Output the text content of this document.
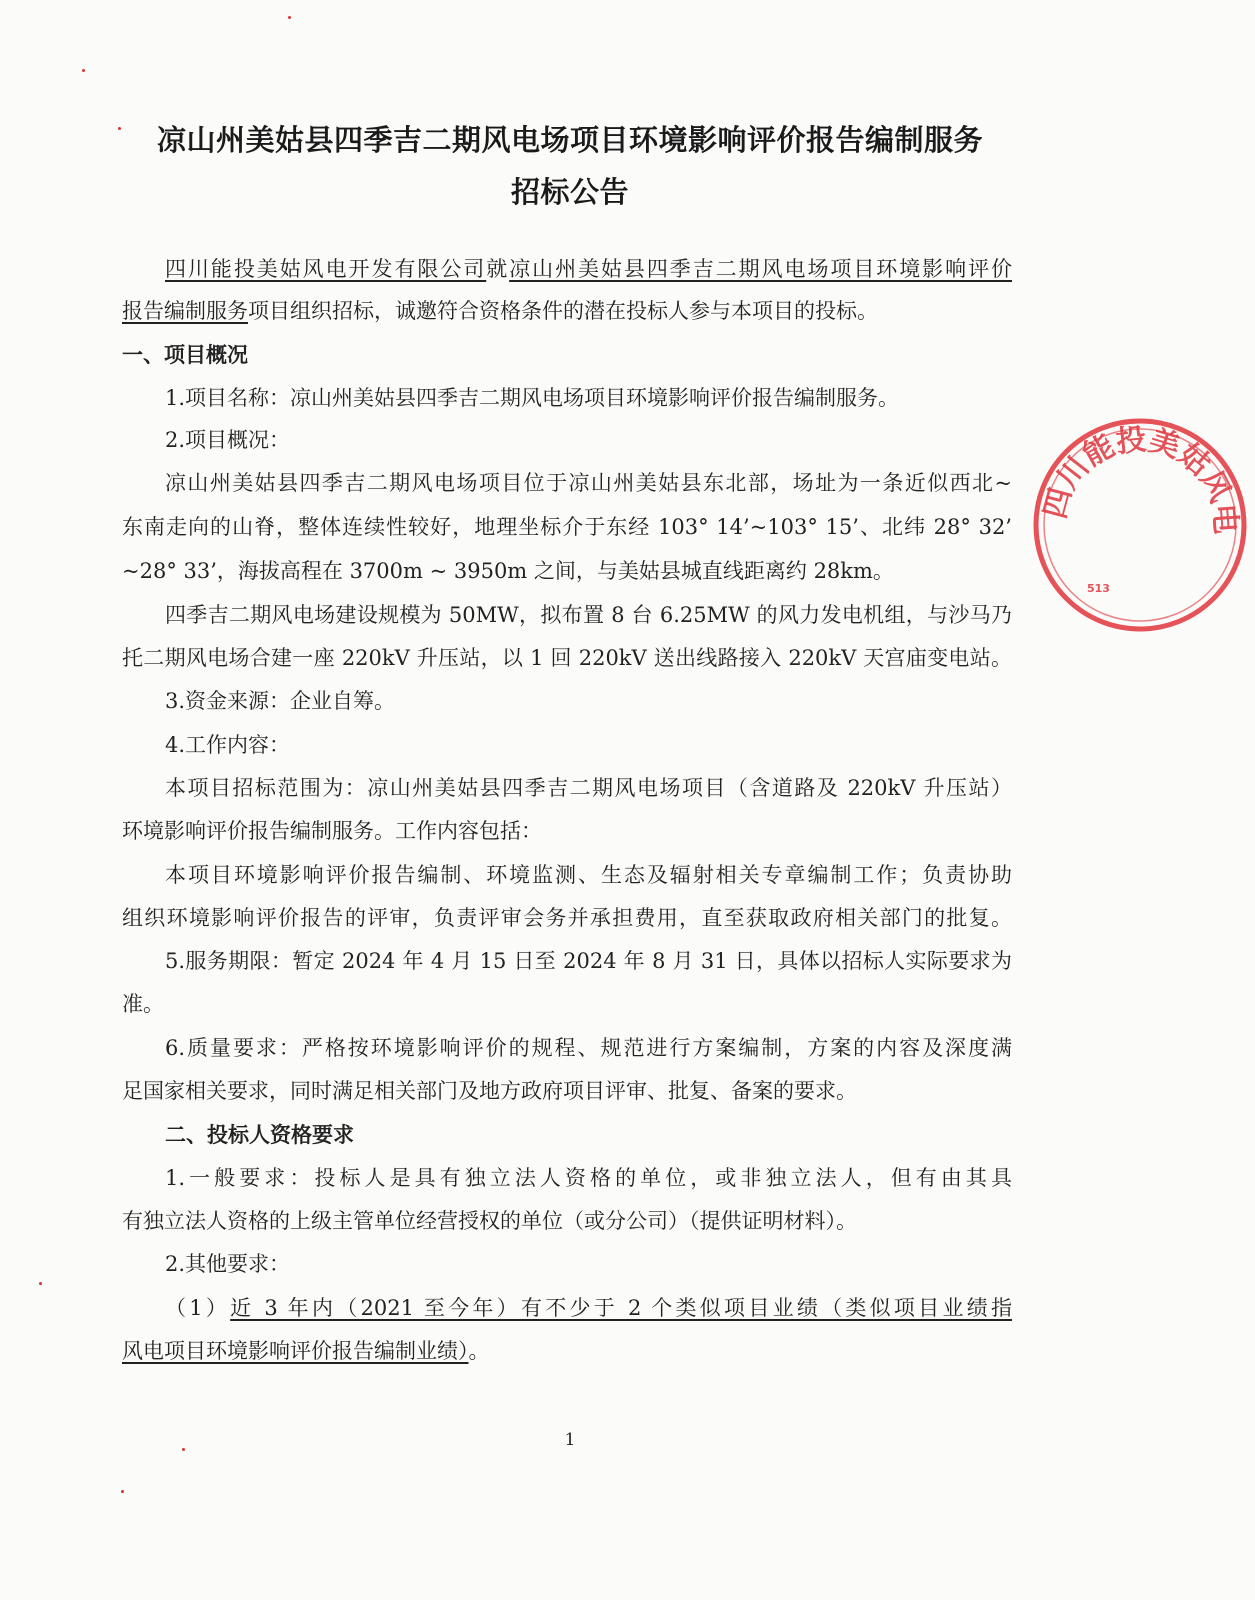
凉山州美姑县四季吉二期风电场项目环境影响评价报告编制服务
招标公告
四川能投美姑风电开发有限公司就凉山州美姑县四季吉二期风电场项目环境影响评价
报告编制服务项目组织招标，诚邀符合资格条件的潜在投标人参与本项目的投标。
一、项目概况
1.项目名称：凉山州美姑县四季吉二期风电场项目环境影响评价报告编制服务。
2.项目概况：
凉山州美姑县四季吉二期风电场项目位于凉山州美姑县东北部，场址为一条近似西北~
东南走向的山脊，整体连续性较好，地理坐标介于东经 103° 14’~103° 15’、北纬 28° 32’
~28° 33’，海拔高程在 3700m ~ 3950m 之间，与美姑县城直线距离约 28km。
四季吉二期风电场建设规模为 50MW，拟布置 8 台 6.25MW 的风力发电机组，与沙马乃
托二期风电场合建一座 220kV 升压站，以 1 回 220kV 送出线路接入 220kV 天宫庙变电站。
3.资金来源：企业自筹。
4.工作内容：
本项目招标范围为：凉山州美姑县四季吉二期风电场项目（含道路及 220kV 升压站）
环境影响评价报告编制服务。工作内容包括：
本项目环境影响评价报告编制、环境监测、生态及辐射相关专章编制工作；负责协助
组织环境影响评价报告的评审，负责评审会务并承担费用，直至获取政府相关部门的批复。
5.服务期限：暂定 2024 年 4 月 15 日至 2024 年 8 月 31 日，具体以招标人实际要求为
准。
6.质量要求：严格按环境影响评价的规程、规范进行方案编制，方案的内容及深度满
足国家相关要求，同时满足相关部门及地方政府项目评审、批复、备案的要求。
二、投标人资格要求
1.一般要求：投标人是具有独立法人资格的单位，或非独立法人，但有由其具
有独立法人资格的上级主管单位经营授权的单位（或分公司）（提供证明材料）。
2.其他要求：
（1）近 3 年内（2021 至今年）有不少于 2 个类似项目业绩（类似项目业绩指
风电项目环境影响评价报告编制业绩）。
1
四川能投美姑风电
513
